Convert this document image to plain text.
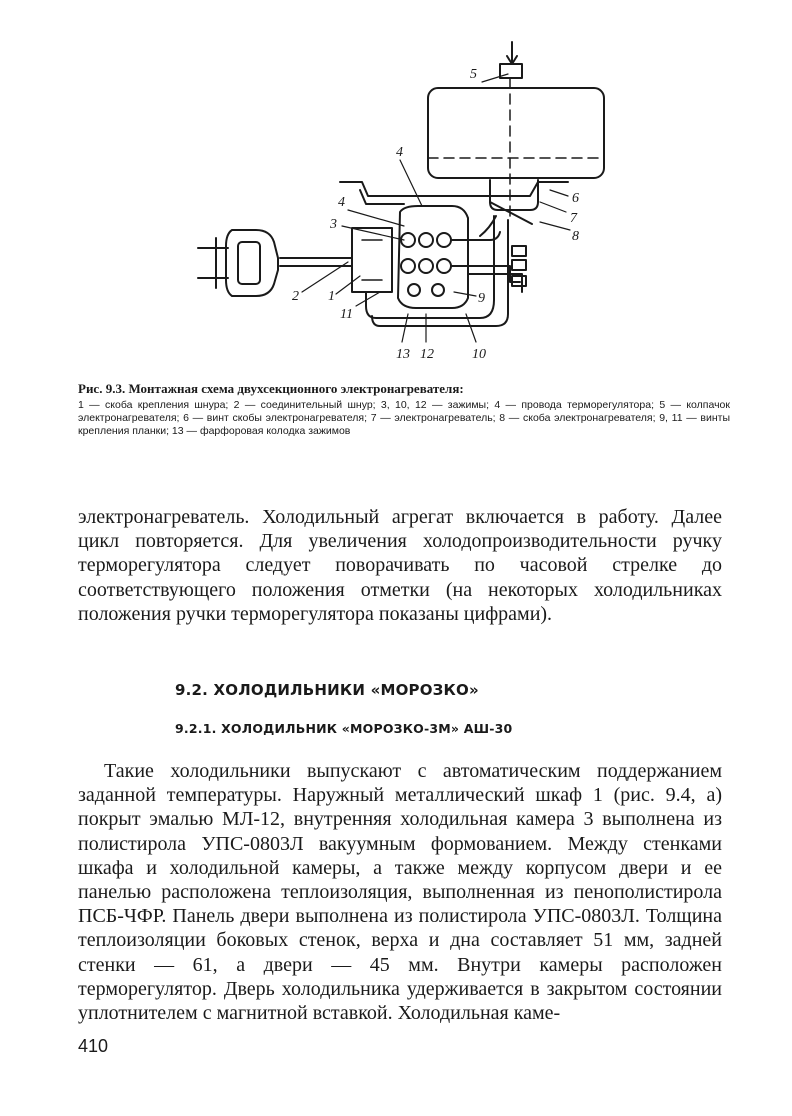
5
4
4
3
2 1
11
6
7
8
9
13 12	10

Рис. 9.3. Монтажная схема двухсекционного электронагревателя:

1 — скоба крепления шнура; 2 — соединительный шнур; 3, 10, 12 — зажимы; 4 — провода терморегулятора; 5 — колпачок электронагревателя; 6 — винт скобы электронагревателя; 7 — электронагреватель; 8 — скоба электронагревателя; 9, 11 — винты крепления планки; 13 — фарфоровая колодка зажимов

электронагреватель. Холодильный агрегат включается в работу. Далее цикл повторяется. Для увеличения холодопроизводительности ручку терморегулятора следует поворачивать по часовой стрелке до соответствующего положения отметки (на некоторых холодильниках положения ручки терморегулятора показаны цифрами).

9.2. ХОЛОДИЛЬНИКИ «МОРОЗКО»
9.2.1. ХОЛОДИЛЬНИК «МОРОЗКО-3М» АШ-30

Такие холодильники выпускают с автоматическим поддержанием заданной температуры. Наружный металлический шкаф 1 (рис. 9.4, а) покрыт эмалью МЛ-12, внутренняя холодильная камера 3 выполнена из полистирола УПС-0803Л вакуумным формованием. Между стенками шкафа и холодильной камеры, а также между корпусом двери и ее панелью расположена теплоизоляция, выполненная из пенополистирола ПСБ-ЧФР. Панель двери выполнена из полистирола УПС-0803Л. Толщина теплоизоляции боковых стенок, верха и дна составляет 51 мм, задней стенки — 61, а двери — 45 мм. Внутри камеры расположен терморегулятор. Дверь холодильника удерживается в закрытом состоянии уплотнителем с магнитной вставкой. Холодильная каме-

410
